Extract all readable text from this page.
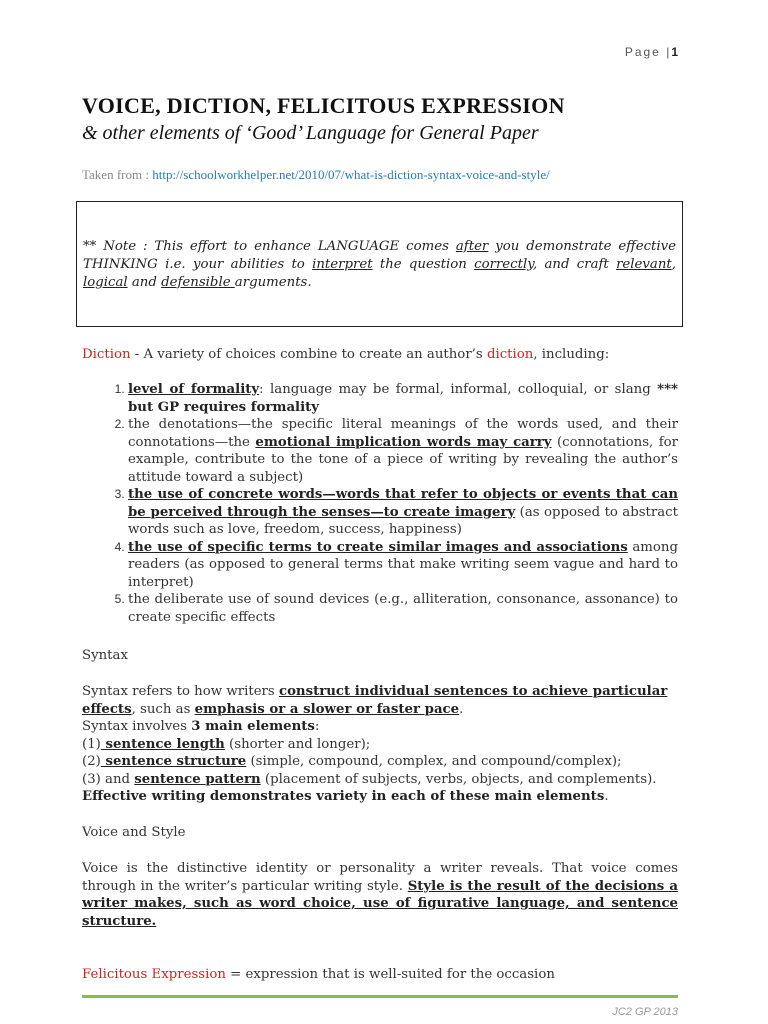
Page |1
VOICE, DICTION, FELICITOUS EXPRESSION
& other elements of ‘Good’ Language for General Paper
Taken from : http://schoolworkhelper.net/2010/07/what-is-diction-syntax-voice-and-style/
** Note : This effort to enhance LANGUAGE comes after you demonstrate effective THINKING i.e. your abilities to interpret the question correctly, and craft relevant, logical and defensible arguments.
Diction - A variety of choices combine to create an author’s diction, including:
1. level of formality: language may be formal, informal, colloquial, or slang *** but GP requires formality
2. the denotations—the specific literal meanings of the words used, and their connotations—the emotional implication words may carry (connotations, for example, contribute to the tone of a piece of writing by revealing the author’s attitude toward a subject)
3. the use of concrete words—words that refer to objects or events that can be perceived through the senses—to create imagery (as opposed to abstract words such as love, freedom, success, happiness)
4. the use of specific terms to create similar images and associations among readers (as opposed to general terms that make writing seem vague and hard to interpret)
5. the deliberate use of sound devices (e.g., alliteration, consonance, assonance) to create specific effects
Syntax
Syntax refers to how writers construct individual sentences to achieve particular effects, such as emphasis or a slower or faster pace.
Syntax involves 3 main elements:
(1) sentence length (shorter and longer);
(2) sentence structure (simple, compound, complex, and compound/complex);
(3) and sentence pattern (placement of subjects, verbs, objects, and complements).
Effective writing demonstrates variety in each of these main elements.
Voice and Style
Voice is the distinctive identity or personality a writer reveals. That voice comes through in the writer’s particular writing style. Style is the result of the decisions a writer makes, such as word choice, use of figurative language, and sentence structure.
Felicitous Expression = expression that is well-suited for the occasion
JC2 GP 2013
